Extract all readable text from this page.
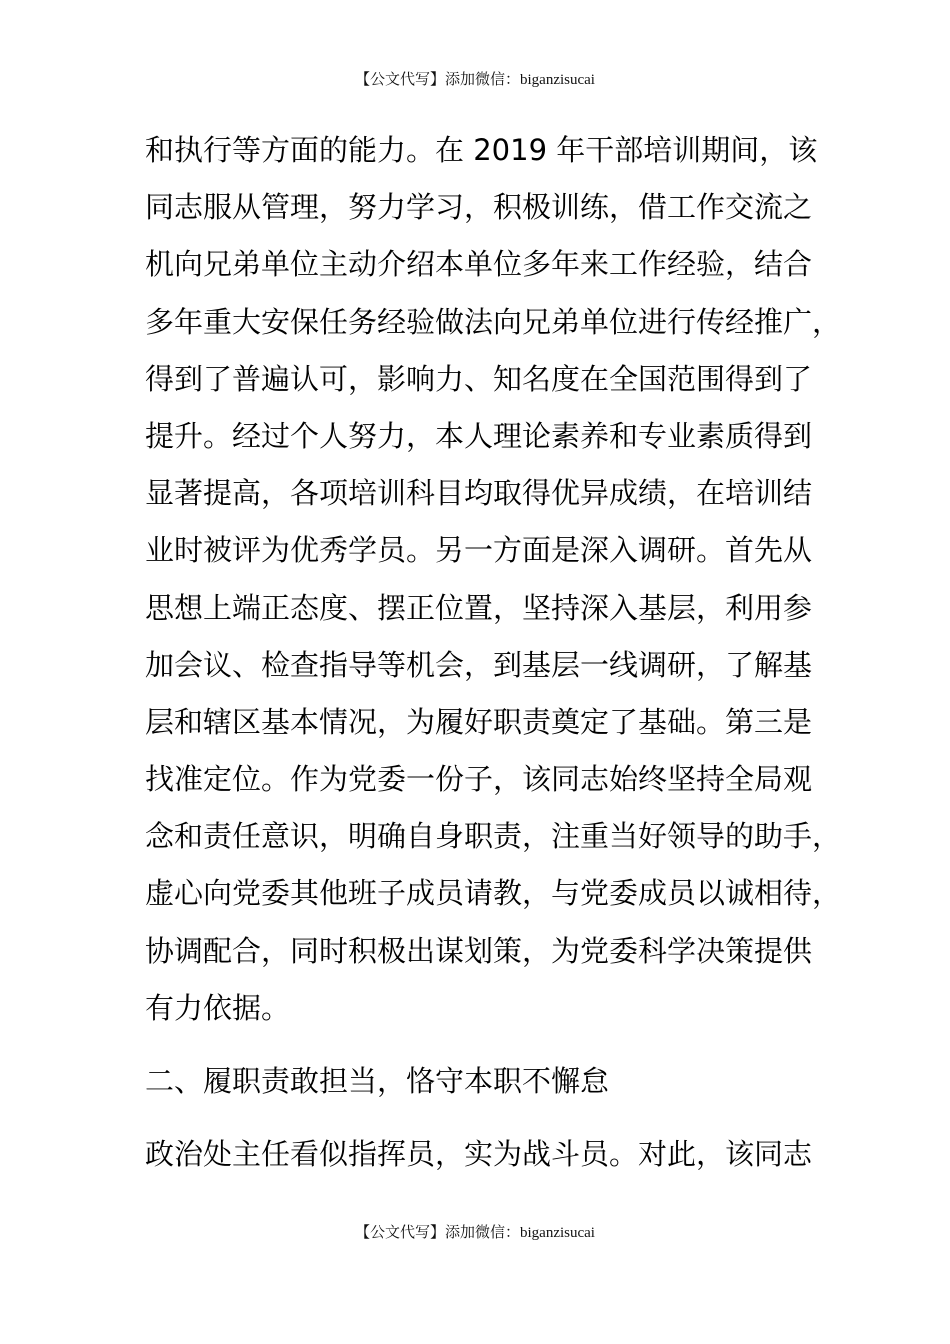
【公文代写】添加微信：biganzisucai
和执行等方面的能力。在 2019 年干部培训期间，该
同志服从管理，努力学习，积极训练，借工作交流之
机向兄弟单位主动介绍本单位多年来工作经验，结合
多年重大安保任务经验做法向兄弟单位进行传经推广，
得到了普遍认可，影响力、知名度在全国范围得到了
提升。经过个人努力，本人理论素养和专业素质得到
显著提高，各项培训科目均取得优异成绩，在培训结
业时被评为优秀学员。另一方面是深入调研。首先从
思想上端正态度、摆正位置，坚持深入基层，利用参
加会议、检查指导等机会，到基层一线调研，了解基
层和辖区基本情况，为履好职责奠定了基础。第三是
找准定位。作为党委一份子，该同志始终坚持全局观
念和责任意识，明确自身职责，注重当好领导的助手，
虚心向党委其他班子成员请教，与党委成员以诚相待，
协调配合，同时积极出谋划策，为党委科学决策提供
有力依据。
二、履职责敢担当，恪守本职不懈怠
政治处主任看似指挥员，实为战斗员。对此，该同志
【公文代写】添加微信：biganzisucai
